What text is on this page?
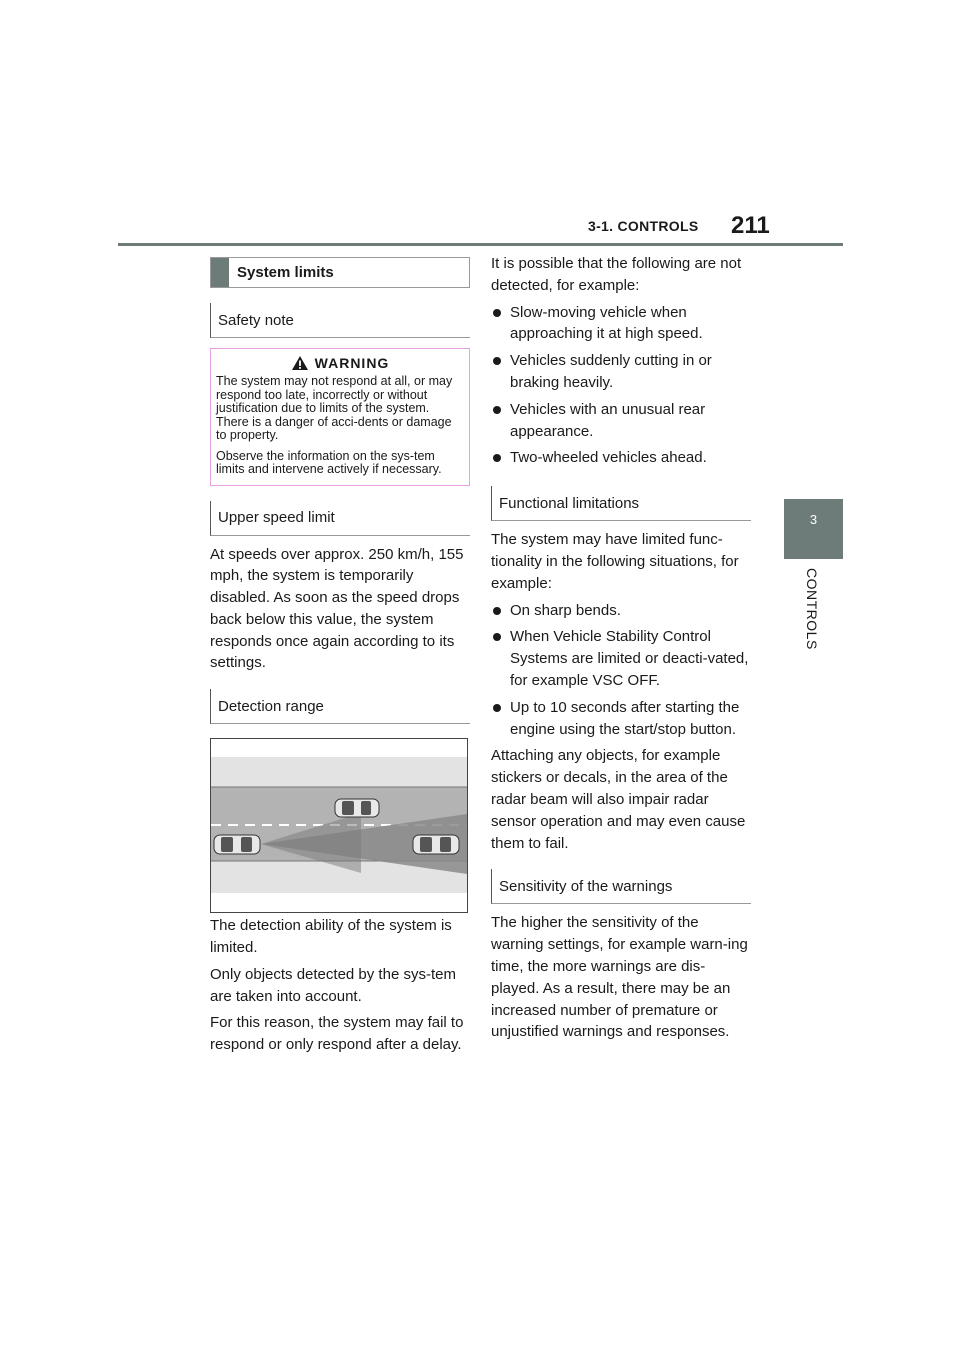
3-1. CONTROLS 211
3
CONTROLS
System limits
Safety note
WARNING

The system may not respond at all, or may respond too late, incorrectly or without justification due to limits of the system. There is a danger of acci-dents or damage to property.

Observe the information on the sys-tem limits and intervene actively if necessary.

Upper speed limit

At speeds over approx. 250 km/h, 155 mph, the system is temporarily disabled. As soon as the speed drops back below this value, the system responds once again according to its settings.

Detection range

The detection ability of the system is limited.

Only objects detected by the sys-tem are taken into account.

For this reason, the system may fail to respond or only respond after a delay.

It is possible that the following are not detected, for example:

Slow-moving vehicle when approaching it at high speed.
Vehicles suddenly cutting in or braking heavily.
Vehicles with an unusual rear appearance.
Two-wheeled vehicles ahead.
Functional limitations

The system may have limited func-tionality in the following situations, for example:

On sharp bends.
When Vehicle Stability Control Systems are limited or deacti-vated, for example VSC OFF.
Up to 10 seconds after starting the engine using the start/stop button.

Attaching any objects, for example stickers or decals, in the area of the radar beam will also impair radar sensor operation and may even cause them to fail.

Sensitivity of the warnings

The higher the sensitivity of the warning settings, for example warn-ing time, the more warnings are dis-played. As a result, there may be an increased number of premature or unjustified warnings and responses.
